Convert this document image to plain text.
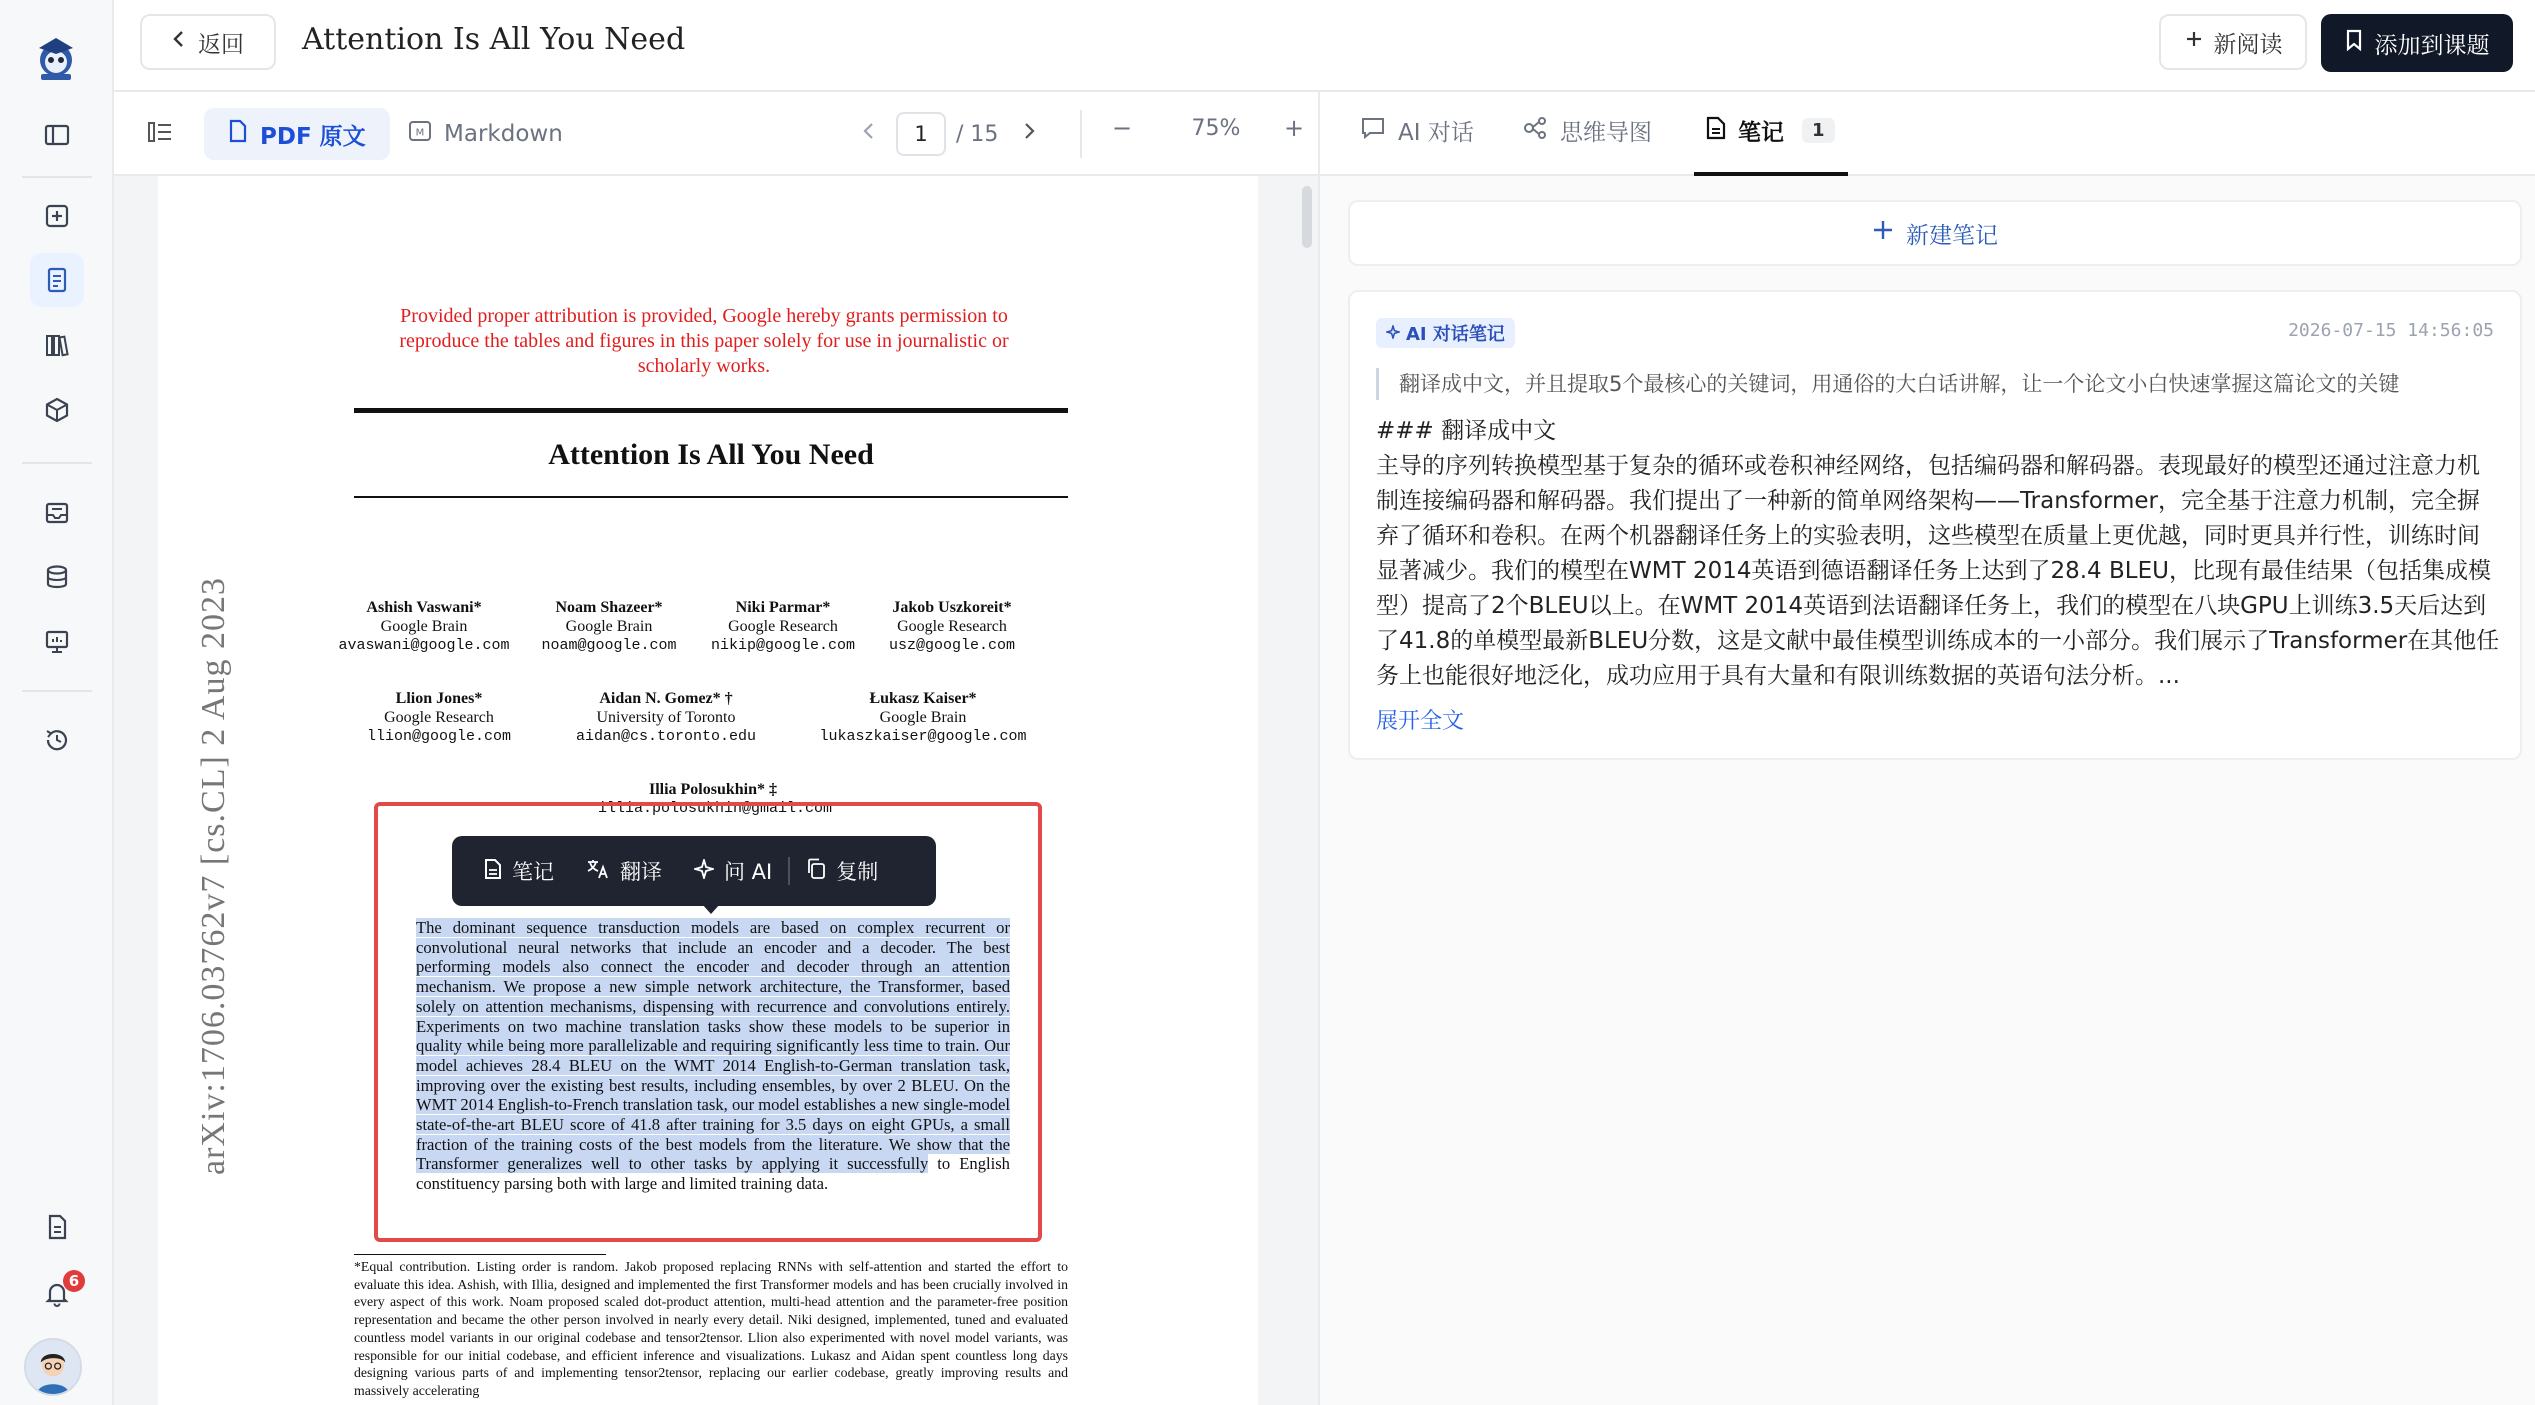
6
返回 Attention Is All You Need	新阅读	添加到课题
PDF 原文	M Markdown	1	/ 15	−	75%	+
Provided proper attribution is provided, Google hereby grants permission to reproduce the tables and figures in this paper solely for use in journalistic or scholarly works.
Attention Is All You Need
arXiv:1706.03762v7 [cs.CL] 2 Aug 2023	Ashish Vaswani*
Google Brain
avaswani@google.com
Noam Shazeer*
Google Brain
noam@google.com
Niki Parmar*
Google Research
nikip@google.com
Jakob Uszkoreit*
Google Research
usz@google.com
Llion Jones*
Google Research
llion@google.com
Aidan N. Gomez* †
University of Toronto
aidan@cs.toronto.edu
Łukasz Kaiser*
Google Brain
lukaszkaiser@google.com
Illia Polosukhin* ‡
illia.polosukhin@gmail.com
The dominant sequence transduction models are based on complex recurrent or convolutional neural networks that include an encoder and a decoder. The best performing models also connect the encoder and decoder through an attention mechanism. We propose a new simple network architecture, the Transformer, based solely on attention mechanisms, dispensing with recurrence and convolutions entirely. Experiments on two machine translation tasks show these models to be superior in quality while being more parallelizable and requiring significantly less time to train. Our model achieves 28.4 BLEU on the WMT 2014 English-to-German translation task, improving over the existing best results, including ensembles, by over 2 BLEU. On the WMT 2014 English-to-French translation task, our model establishes a new single-model state-of-the-art BLEU score of 41.8 after training for 3.5 days on eight GPUs, a small fraction of the training costs of the best models from the literature. We show that the Transformer generalizes well to other tasks by applying it successfully to English constituency parsing both with large and limited training data.
笔记	翻译	问 AI	复制
*Equal contribution. Listing order is random. Jakob proposed replacing RNNs with self-attention and started the effort to evaluate this idea. Ashish, with Illia, designed and implemented the first Transformer models and has been crucially involved in every aspect of this work. Noam proposed scaled dot-product attention, multi-head attention and the parameter-free position representation and became the other person involved in nearly every detail. Niki designed, implemented, tuned and evaluated countless model variants in our original codebase and tensor2tensor. Llion also experimented with novel model variants, was responsible for our initial codebase, and efficient inference and visualizations. Lukasz and Aidan spent countless long days designing various parts of and implementing tensor2tensor, replacing our earlier codebase, greatly improving results and massively accelerating
AI 对话	思维导图	笔记	1
新建笔记
AI 对话笔记	2026-07-15 14:56:05
翻译成中文，并且提取5个最核心的关键词，用通俗的大白话讲解，让一个论文小白快速掌握这篇论文的关键
### 翻译成中文
主导的序列转换模型基于复杂的循环或卷积神经网络，包括编码器和解码器。表现最好的模型还通过注意力机制连接编码器和解码器。我们提出了一种新的简单网络架构——Transformer，完全基于注意力机制，完全摒弃了循环和卷积。在两个机器翻译任务上的实验表明，这些模型在质量上更优越，同时更具并行性，训练时间显著减少。我们的模型在WMT 2014英语到德语翻译任务上达到了28.4 BLEU，比现有最佳结果（包括集成模型）提高了2个BLEU以上。在WMT 2014英语到法语翻译任务上，我们的模型在八块GPU上训练3.5天后达到了41.8的单模型最新BLEU分数，这是文献中最佳模型训练成本的一小部分。我们展示了Transformer在其他任务上也能很好地泛化，成功应用于具有大量和有限训练数据的英语句法分析。...
展开全文
